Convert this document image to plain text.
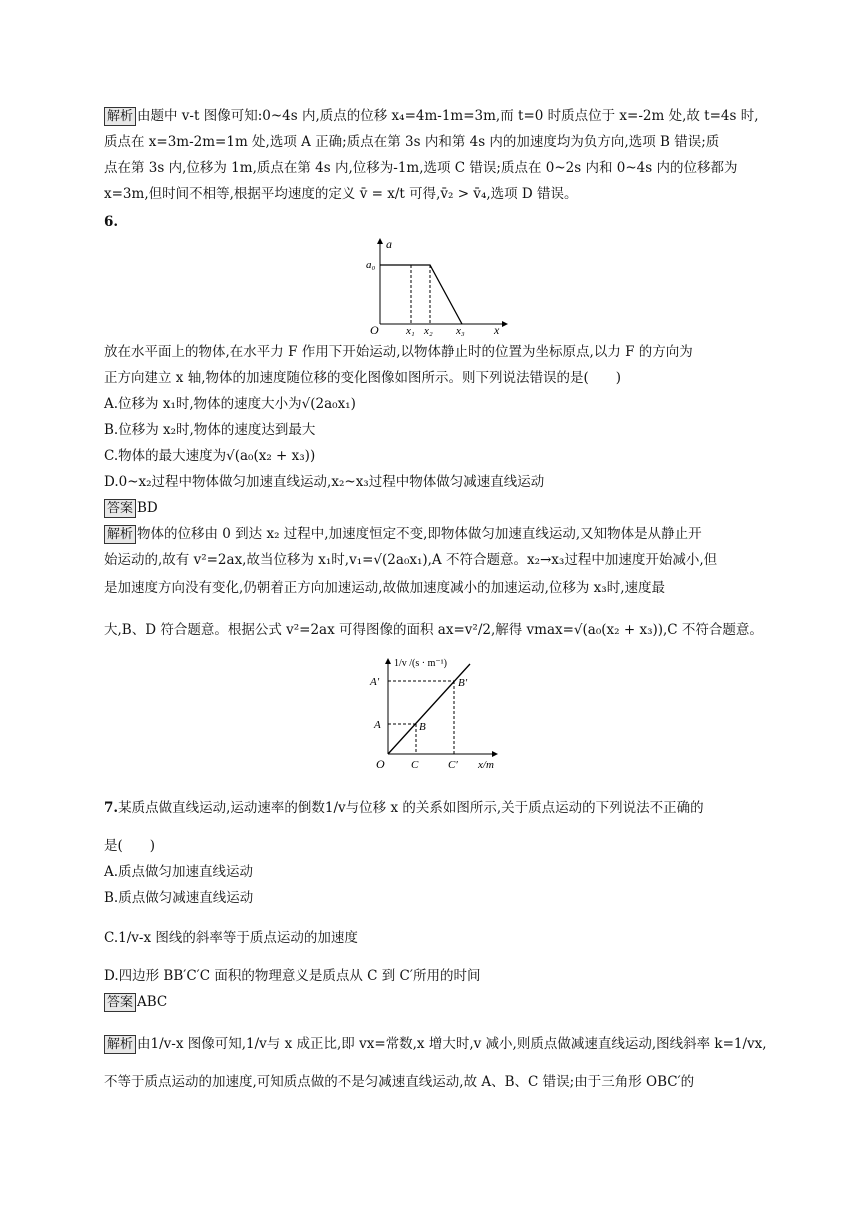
解析 由题中 v-t 图像可知:0~4s 内,质点的位移 x₄=4m-1m=3m,而 t=0 时质点位于 x=-2m 处,故 t=4s 时,
质点在 x=3m-2m=1m 处,选项 A 正确;质点在第 3s 内和第 4s 内的加速度均为负方向,选项 B 错误;质
点在第 3s 内,位移为 1m,质点在第 4s 内,位移为-1m,选项 C 错误;质点在 0~2s 内和 0~4s 内的位移都为
x=3m,但时间不相等,根据平均速度的定义 v̄ = x/t 可得,v̄₂ > v̄₄,选项 D 错误。
6.
a
a₀
O x₁ x₂ x₃ x
放在水平面上的物体,在水平力 F 作用下开始运动,以物体静止时的位置为坐标原点,以力 F 的方向为
正方向建立 x 轴,物体的加速度随位移的变化图像如图所示。则下列说法错误的是(　　)
A.位移为 x₁时,物体的速度大小为√(2a₀x₁)
B.位移为 x₂时,物体的速度达到最大
C.物体的最大速度为√(a₀(x₂ + x₃))
D.0~x₂过程中物体做匀加速直线运动,x₂~x₃过程中物体做匀减速直线运动
答案 BD
解析 物体的位移由 0 到达 x₂ 过程中,加速度恒定不变,即物体做匀加速直线运动,又知物体是从静止开
始运动的,故有 v²=2ax,故当位移为 x₁时,v₁=√(2a₀x₁),A 不符合题意。x₂→x₃过程中加速度开始减小,但
是加速度方向没有变化,仍朝着正方向加速运动,故做加速度减小的加速运动,位移为 x₃时,速度最
大,B、D 符合题意。根据公式 v²=2ax 可得图像的面积 ax=v²/2,解得 vmax=√(a₀(x₂ + x₃)),C 不符合题意。
1/v /(s · m⁻¹)
A′	B′
A	B
O C	C′ x/m
7.某质点做直线运动,运动速率的倒数1/v与位移 x 的关系如图所示,关于质点运动的下列说法不正确的
是(　　)
A.质点做匀加速直线运动
B.质点做匀减速直线运动
C.1/v-x 图线的斜率等于质点运动的加速度
D.四边形 BB′C′C 面积的物理意义是质点从 C 到 C′所用的时间
答案 ABC
解析 由1/v-x 图像可知,1/v与 x 成正比,即 vx=常数,x 增大时,v 减小,则质点做减速直线运动,图线斜率 k=1/vx,
不等于质点运动的加速度,可知质点做的不是匀减速直线运动,故 A、B、C 错误;由于三角形 OBC′的
